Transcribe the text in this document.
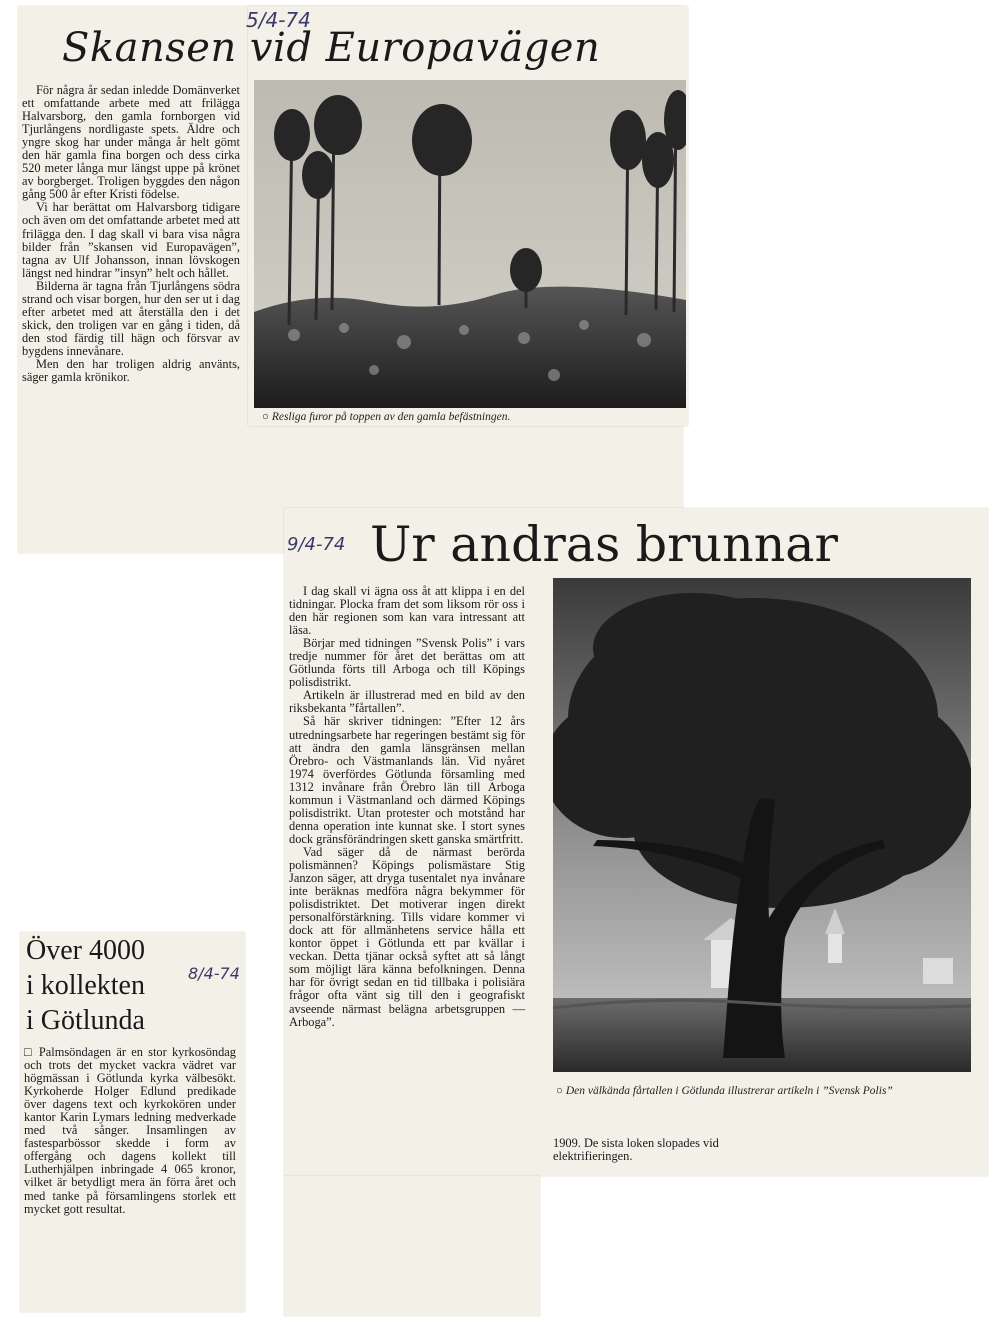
5/4-74
Skansen vid Europavägen

För några år sedan inledde Domänverket ett omfattande arbete med att frilägga Halvarsborg, den gamla fornborgen vid Tjurlångens nordligaste spets. Äldre och yngre skog har under många år helt gömt den här gamla fina borgen och dess cirka 520 meter långa mur längst uppe på krönet av borgberget. Troligen byggdes den någon gång 500 år efter Kristi födelse.

Vi har berättat om Halvarsborg tidigare och även om det omfattande arbetet med att frilägga den. I dag skall vi bara visa några bilder från ”skansen vid Europavägen”, tagna av Ulf Johansson, innan lövskogen längst ned hindrar ”insyn” helt och hållet.

Bilderna är tagna från Tjurlångens södra strand och visar borgen, hur den ser ut i dag efter arbetet med att återställa den i det skick, den troligen var en gång i tiden, då den stod färdig till hägn och försvar av bygdens innevånare.

Men den har troligen aldrig använts, säger gamla krönikor.

○ Resliga furor på toppen av den gamla befästningen.
9/4-74 Ur andras brunnar

I dag skall vi ägna oss åt att klippa i en del tidningar. Plocka fram det som liksom rör oss i den här regionen som kan vara intressant att läsa.

Börjar med tidningen ”Svensk Polis” i vars tredje nummer för året det berättas om att Götlunda förts till Arboga och till Köpings polisdistrikt.

Artikeln är illustrerad med en bild av den riksbekanta ”fårtallen”.

Så här skriver tidningen: ”Efter 12 års utredningsarbete har regeringen bestämt sig för att ändra den gamla länsgränsen mellan Örebro- och Västmanlands län. Vid nyåret 1974 överfördes Götlunda församling med 1312 invånare från Örebro län till Arboga kommun i Västmanland och därmed Köpings polisdistrikt. Utan protester och motstånd har denna operation inte kunnat ske. I stort synes dock gränsförändringen skett ganska smärtfritt.

Vad säger då de närmast berörda polismännen? Köpings polismästare Stig Janzon säger, att dryga tusentalet nya invånare inte beräknas medföra några bekymmer för polisdistriktet. Det motiverar ingen direkt personalförstärkning. Tills vidare kommer vi dock att för allmänhetens service hålla ett kontor öppet i Götlunda ett par kvällar i veckan. Detta tjänar också syftet att så långt som möjligt lära känna befolkningen. Denna har för övrigt sedan en tid tillbaka i polisiära frågor ofta vänt sig till den i geografiskt avseende närmast belägna arbetsgruppen — Arboga”.

○ Den välkända fårtallen i Götlunda illustrerar artikeln i ”Svensk Polis”
1909. De sista loken slopades vid elektrifieringen.
Över 4000
i kollekten
i Götlunda
8/4-74

□ Palmsöndagen är en stor kyrkosöndag och trots det mycket vackra vädret var högmässan i Götlunda kyrka välbesökt. Kyrkoherde Holger Edlund predikade över dagens text och kyrkokören under kantor Karin Lymars ledning medverkade med två sånger. Insamlingen av fastesparbössor skedde i form av offergång och dagens kollekt till Lutherhjälpen inbringade 4 065 kronor, vilket är betydligt mera än förra året och med tanke på församlingens storlek ett mycket gott resultat.
